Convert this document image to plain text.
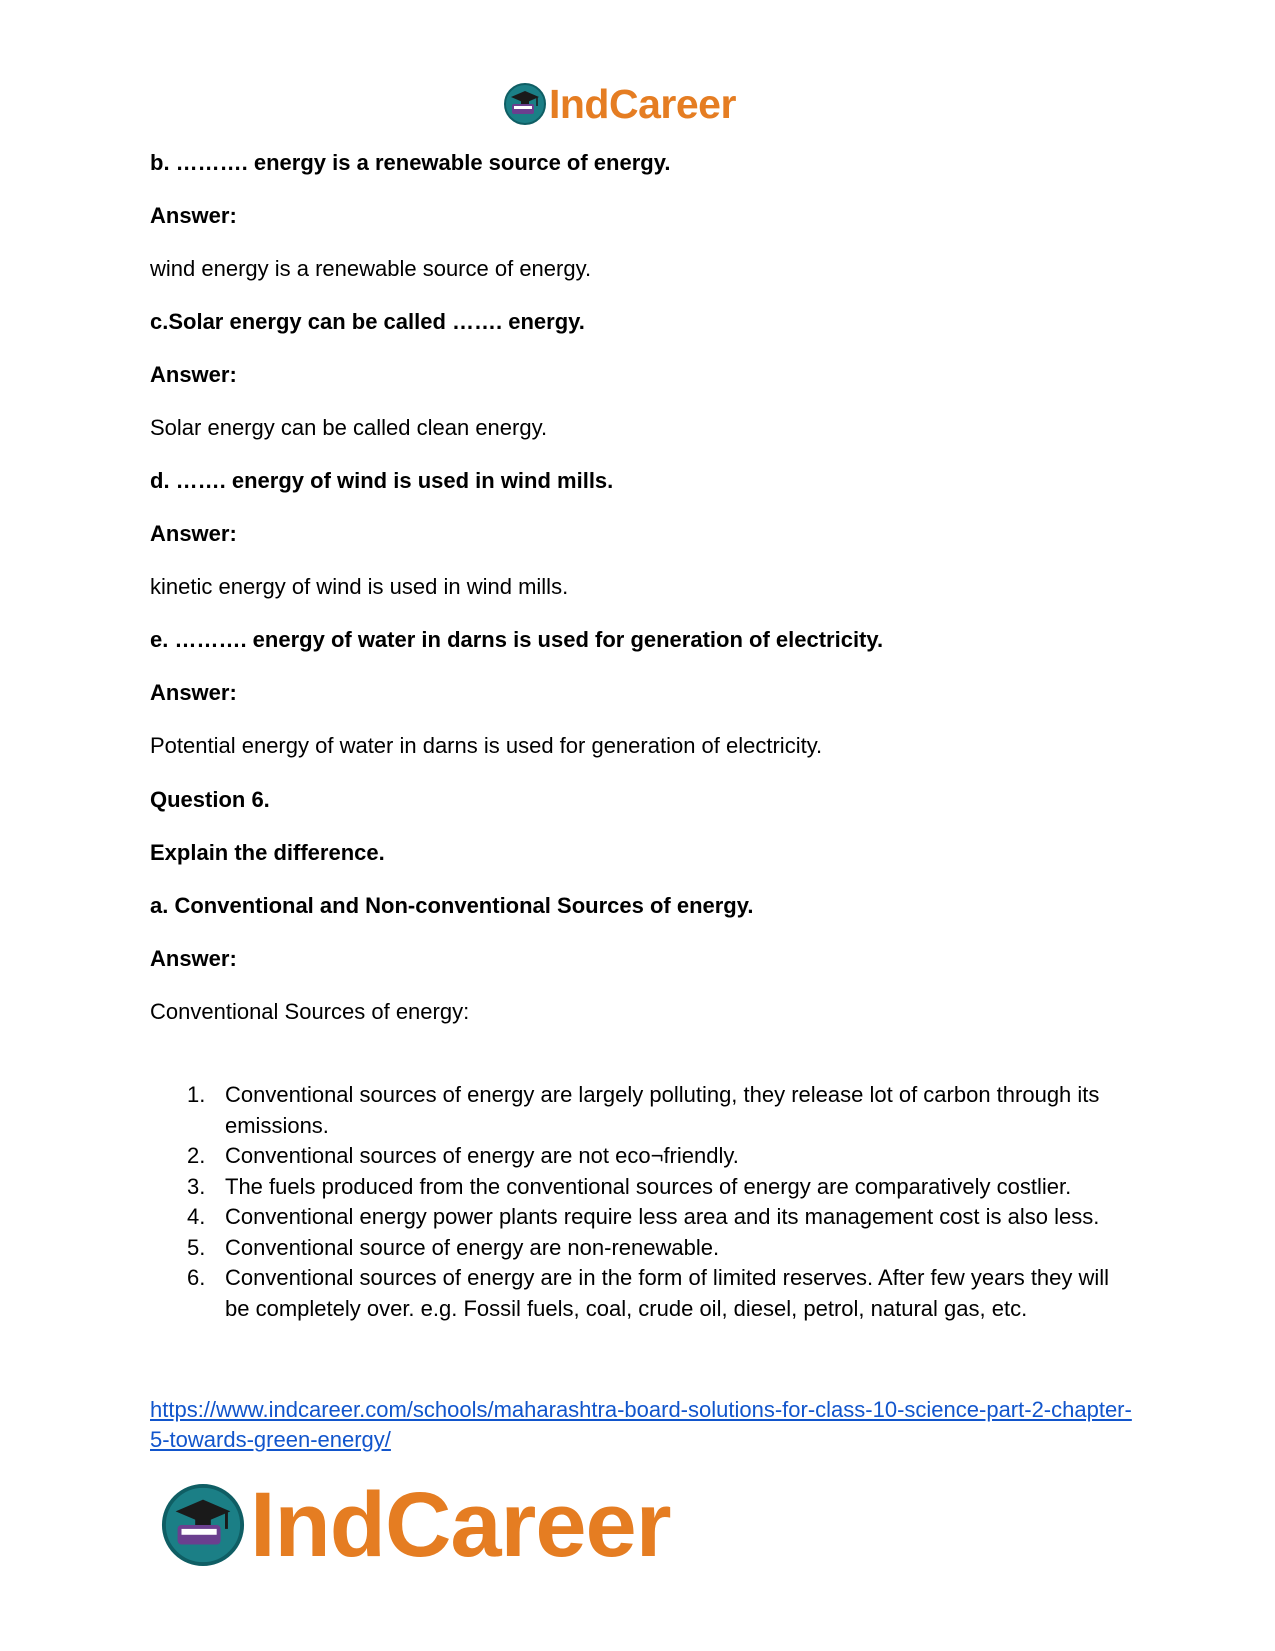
IndCareer
b. ………. energy is a renewable source of energy.
Answer:
wind energy is a renewable source of energy.
c.Solar energy can be called ……. energy.
Answer:
Solar energy can be called clean energy.
d. ……. energy of wind is used in wind mills.
Answer:
kinetic energy of wind is used in wind mills.
e. ………. energy of water in darns is used for generation of electricity.
Answer:
Potential energy of water in darns is used for generation of electricity.
Question 6.
Explain the difference.
a. Conventional and Non-conventional Sources of energy.
Answer:
Conventional Sources of energy:
1. Conventional sources of energy are largely polluting, they release lot of carbon through its emissions.
2. Conventional sources of energy are not eco¬friendly.
3. The fuels produced from the conventional sources of energy are comparatively costlier.
4. Conventional energy power plants require less area and its management cost is also less.
5. Conventional source of energy are non-renewable.
6. Conventional sources of energy are in the form of limited reserves. After few years they will be completely over. e.g. Fossil fuels, coal, crude oil, diesel, petrol, natural gas, etc.
https://www.indcareer.com/schools/maharashtra-board-solutions-for-class-10-science-part-2-chapter-5-towards-green-energy/
IndCareer
